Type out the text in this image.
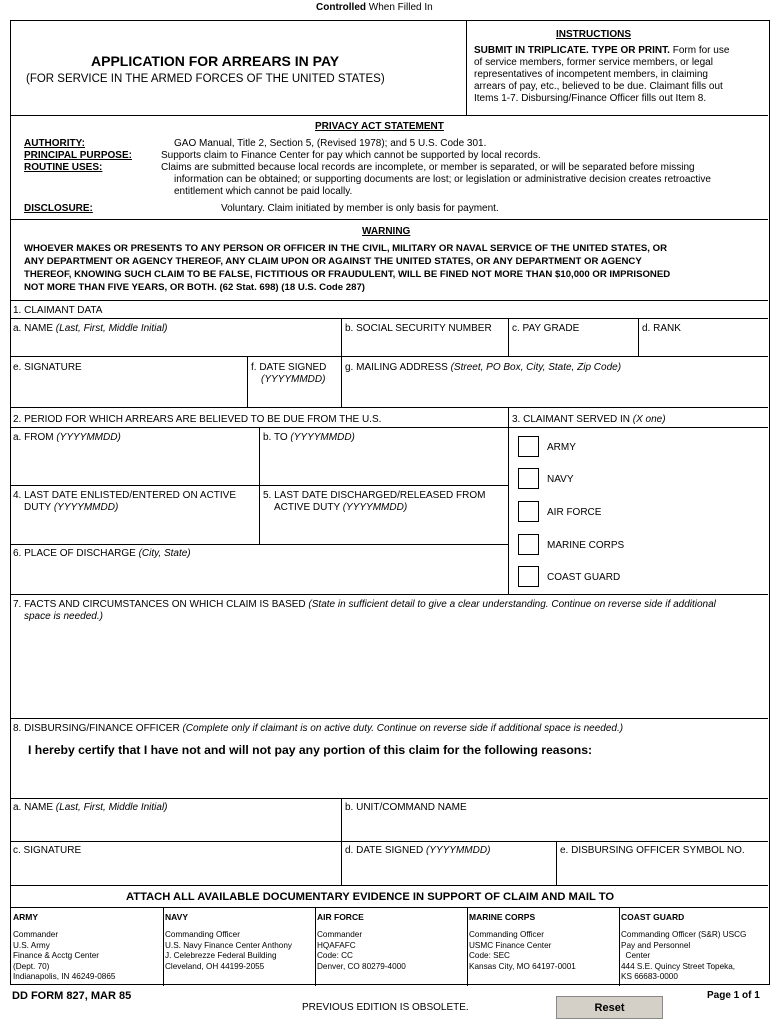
Controlled When Filled In
APPLICATION FOR ARREARS IN PAY
(FOR SERVICE IN THE ARMED FORCES OF THE UNITED STATES)
INSTRUCTIONS
SUBMIT IN TRIPLICATE. TYPE OR PRINT. Form for use
of service members, former service members, or legal
representatives of incompetent members, in claiming
arrears of pay, etc., believed to be due. Claimant fills out
Items 1-7. Disbursing/Finance Officer fills out Item 8.
PRIVACY ACT STATEMENT
AUTHORITY:	GAO Manual, Title 2, Section 5, (Revised 1978); and 5 U.S. Code 301.
PRINCIPAL PURPOSE:	Supports claim to Finance Center for pay which cannot be supported by local records.
ROUTINE USES:	Claims are submitted because local records are incomplete, or member is separated, or will be separated before missing
information can be obtained; or supporting documents are lost; or legislation or administrative decision creates retroactive
entitlement which cannot be paid locally.
DISCLOSURE:	Voluntary. Claim initiated by member is only basis for payment.
WARNING
WHOEVER MAKES OR PRESENTS TO ANY PERSON OR OFFICER IN THE CIVIL, MILITARY OR NAVAL SERVICE OF THE UNITED STATES, OR
ANY DEPARTMENT OR AGENCY THEREOF, ANY CLAIM UPON OR AGAINST THE UNITED STATES, OR ANY DEPARTMENT OR AGENCY
THEREOF, KNOWING SUCH CLAIM TO BE FALSE, FICTITIOUS OR FRAUDULENT, WILL BE FINED NOT MORE THAN $10,000 OR IMPRISONED
NOT MORE THAN FIVE YEARS, OR BOTH. (62 Stat. 698) (18 U.S. Code 287)
1. CLAIMANT DATA
a. NAME (Last, First, Middle Initial)	b. SOCIAL SECURITY NUMBER c. PAY GRADE	d. RANK
e. SIGNATURE	f. DATE SIGNED
(YYYYMMDD)
g. MAILING ADDRESS (Street, PO Box, City, State, Zip Code)
2. PERIOD FOR WHICH ARREARS ARE BELIEVED TO BE DUE FROM THE U.S.	3. CLAIMANT SERVED IN (X one)
a. FROM (YYYYMMDD)	b. TO (YYYYMMDD)
4. LAST DATE ENLISTED/ENTERED ON ACTIVE
DUTY (YYYYMMDD)
5. LAST DATE DISCHARGED/RELEASED FROM
ACTIVE DUTY (YYYYMMDD)
6. PLACE OF DISCHARGE (City, State)
ARMY
NAVY
AIR FORCE
MARINE CORPS
COAST GUARD
7. FACTS AND CIRCUMSTANCES ON WHICH CLAIM IS BASED (State in sufficient detail to give a clear understanding. Continue on reverse side if additional
space is needed.)
8. DISBURSING/FINANCE OFFICER (Complete only if claimant is on active duty. Continue on reverse side if additional space is needed.)
I hereby certify that I have not and will not pay any portion of this claim for the following reasons:
a. NAME (Last, First, Middle Initial)	b. UNIT/COMMAND NAME
c. SIGNATURE	d. DATE SIGNED (YYYYMMDD)	e. DISBURSING OFFICER SYMBOL NO.
ATTACH ALL AVAILABLE DOCUMENTARY EVIDENCE IN SUPPORT OF CLAIM AND MAIL TO
ARMY
Commander
U.S. Army
Finance & Acctg Center
(Dept. 70)
Indianapolis, IN 46249-0865
NAVY
Commanding Officer
U.S. Navy Finance Center Anthony
J. Celebrezze Federal Building
Cleveland, OH 44199-2055
AIR FORCE
Commander
HQAFAFC
Code: CC
Denver, CO 80279-4000
MARINE CORPS
Commanding Officer
USMC Finance Center
Code: SEC
Kansas City, MO 64197-0001
COAST GUARD
Commanding Officer (S&R) USCG
Pay and Personnel
Center
444 S.E. Quincy Street Topeka,
KS 66683-0000
DD FORM 827, MAR 85
PREVIOUS EDITION IS OBSOLETE.	Reset
Page 1 of 1
